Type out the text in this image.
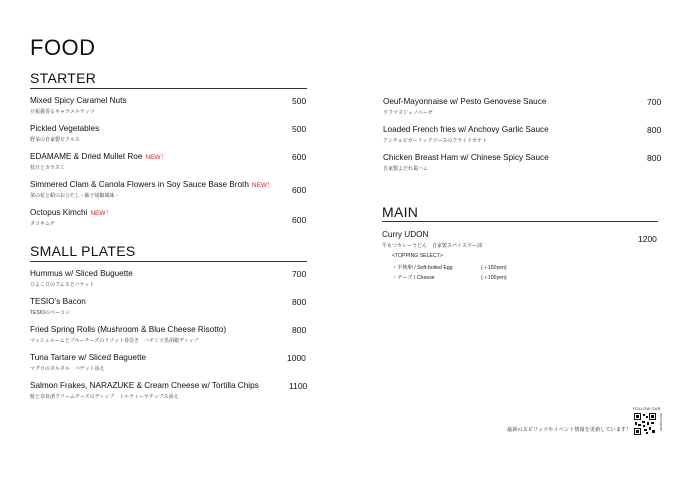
FOOD
STARTER
Mixed Spicy Caramel Nuts
豆板醤香るキャラメルナッツ
500
Pickled Vegetables
野菜の自家製ピクルス
500
EDAMAME & Dried Mullet Roe NEW！
枝豆とカラスミ
600
Simmered Clam & Canola Flowers in Soy Sauce Base Broth NEW！
菜の花と蛤のおひたし - 柚子胡椒風味 -
600
Octopus Kimchi NEW！
タコキムチ	600
SMALL PLATES
Hummus w/ Sliced Buguette
ひよこ豆のフムスとバケット
700
TESIO’s Bacon
TESIOのベーコン
800
Fried Spring Rolls (Mushroom & Blue Cheese Risotto)
マッシュルームとブルーチーズのリゾット春巻き　ハチミツ黒胡椒ディップ
800
Tuna Tartare w/ Sliced Baguette
マグロのタルタル　バゲット添え
1000
Salmon Frakes, NARAZUKE & Cream Cheese w/ Tortilla Chips
鮭と奈良漬クリームチーズのディップ　トルティーヤチップス添え
1100
Oeuf-Mayonnaise w/ Pesto Genovese Sauce
ウフマヨジェノベーゼ
700
Loaded French fries w/ Anchovy Garlic Sauce
アンチョビガーリックソースのフライドポテト
800
Chicken Breast Ham w/ Chinese Spicy Sauce
自家製よだれ鶏ハム
800
MAIN
Curry UDON
牛もつカレーうどん　自家製スパイスラー油
1200
<TOPPING SELECT>
・半熟卵 / Soft-boiled Egg	(＋150yen)
・チーズ / Cheese	(＋100yen)
最新のスピリッツやイベント情報を更新しています！
FOLLOW OUR
INSTAGRAM
